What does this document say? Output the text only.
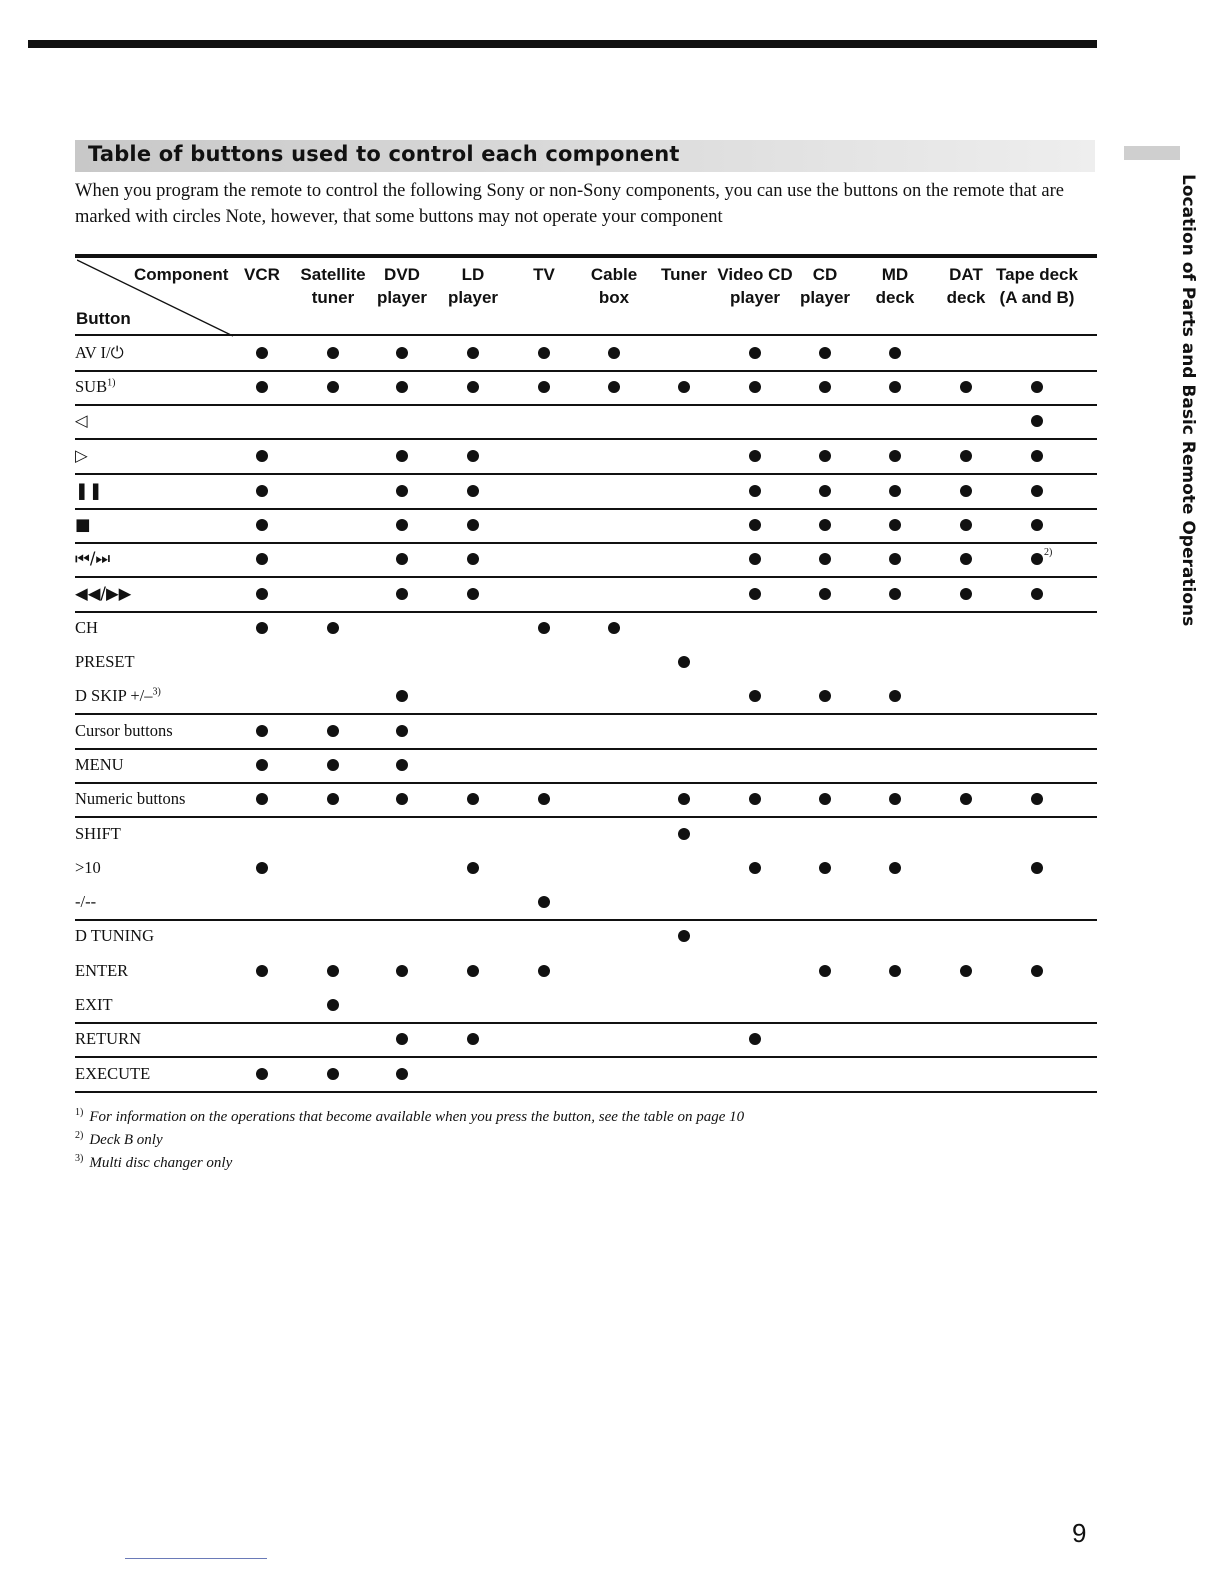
Table of buttons used to control each component

When you program the remote to control the following Sony or non-Sony components, you can use the buttons on the remote that are marked with circles Note, however, that some buttons may not operate your component

Component
Button
VCR Satellite
tuner
DVD
player
LD
player
TV Cable
box
Tuner Video CD
player
CD
player
MD
deck
DAT
deck
Tape deck
(A and B)
AV I/⏻
SUB$^{1)}$
◁
▷
❚❚
■
⏮/⏭	2)
◀◀/▶▶
CH
PRESET
D SKIP +/–$^{3)}$
Cursor buttons
MENU
Numeric buttons
SHIFT
>10
-/--
D TUNING
ENTER
EXIT
RETURN
EXECUTE
$^{1)}$ For information on the operations that become available when you press the button, see the table on page 10
$^{2)}$ Deck B only
$^{3)}$ Multi disc changer only
Location of Parts and Basic Remote Operations
9
